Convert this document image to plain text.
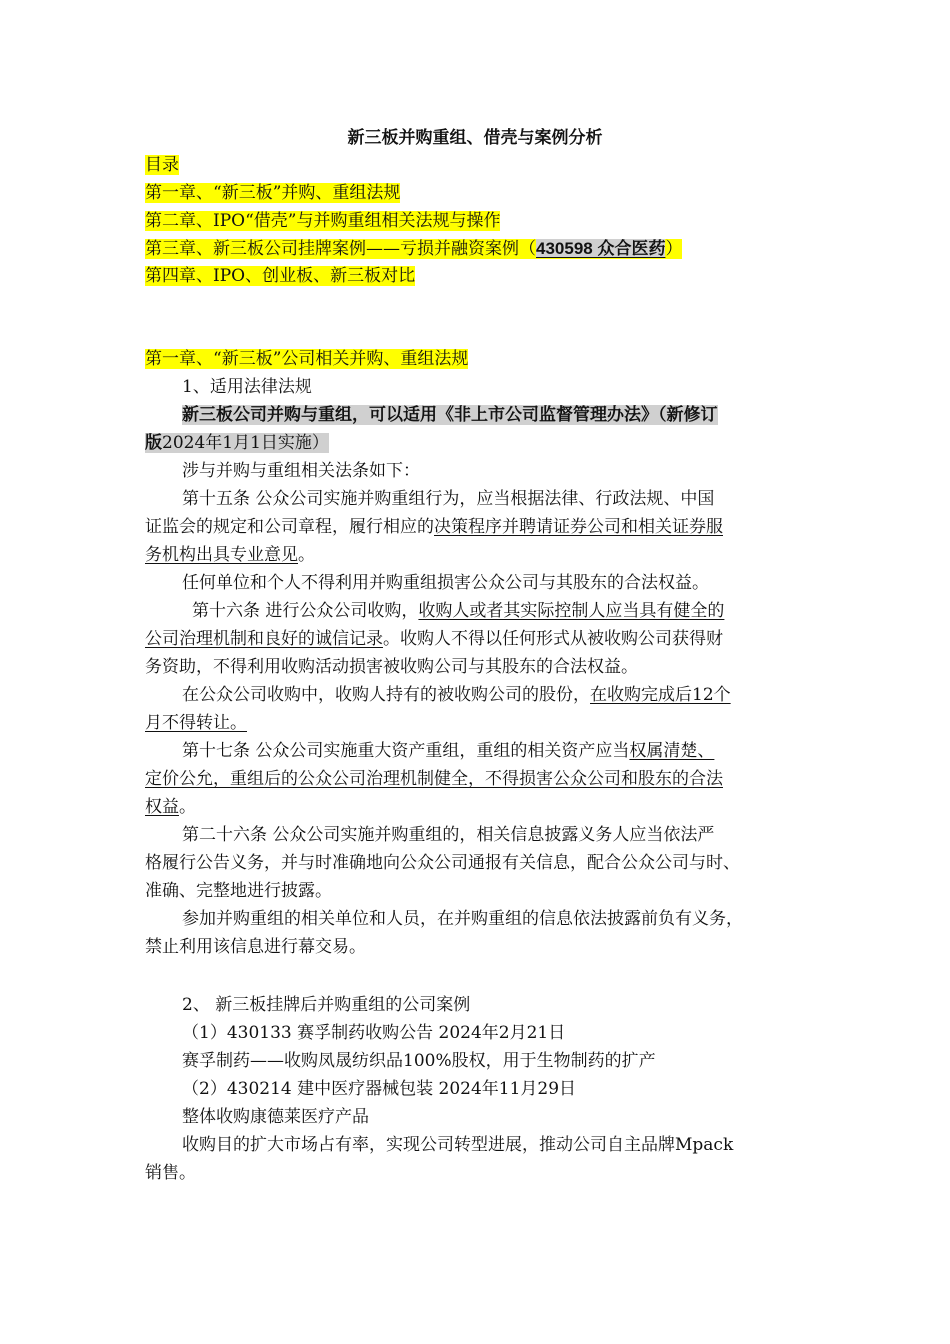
新三板并购重组、借壳与案例分析
目录
第一章、“新三板”并购、重组法规
第二章、IPO“借壳”与并购重组相关法规与操作
第三章、新三板公司挂牌案例——亏损并融资案例（430598 众合医药）
第四章、IPO、创业板、新三板对比
第一章、“新三板”公司相关并购、重组法规
1、适用法律法规
新三板公司并购与重组，可以适用《非上市公司监督管理办法》（新修订
版2024年1月1日实施）
涉与并购与重组相关法条如下：
第十五条 公众公司实施并购重组行为，应当根据法律、行政法规、中国
证监会的规定和公司章程，履行相应的决策程序并聘请证券公司和相关证券服
务机构出具专业意见。
任何单位和个人不得利用并购重组损害公众公司与其股东的合法权益。
第十六条 进行公众公司收购，收购人或者其实际控制人应当具有健全的
公司治理机制和良好的诚信记录。收购人不得以任何形式从被收购公司获得财
务资助，不得利用收购活动损害被收购公司与其股东的合法权益。
在公众公司收购中，收购人持有的被收购公司的股份，在收购完成后12个
月不得转让。
第十七条 公众公司实施重大资产重组，重组的相关资产应当权属清楚、
定价公允，重组后的公众公司治理机制健全，不得损害公众公司和股东的合法
权益。
第二十六条 公众公司实施并购重组的，相关信息披露义务人应当依法严
格履行公告义务，并与时准确地向公众公司通报有关信息，配合公众公司与时、
准确、完整地进行披露。
参加并购重组的相关单位和人员，在并购重组的信息依法披露前负有义务，
禁止利用该信息进行幕交易。
2、 新三板挂牌后并购重组的公司案例
（1）430133 赛孚制药收购公告 2024年2月21日
赛孚制药——收购凤晟纺织品100%股权，用于生物制药的扩产
（2）430214 建中医疗器械包装 2024年11月29日
整体收购康德莱医疗产品
收购目的扩大市场占有率，实现公司转型进展，推动公司自主品牌Mpack
销售。
